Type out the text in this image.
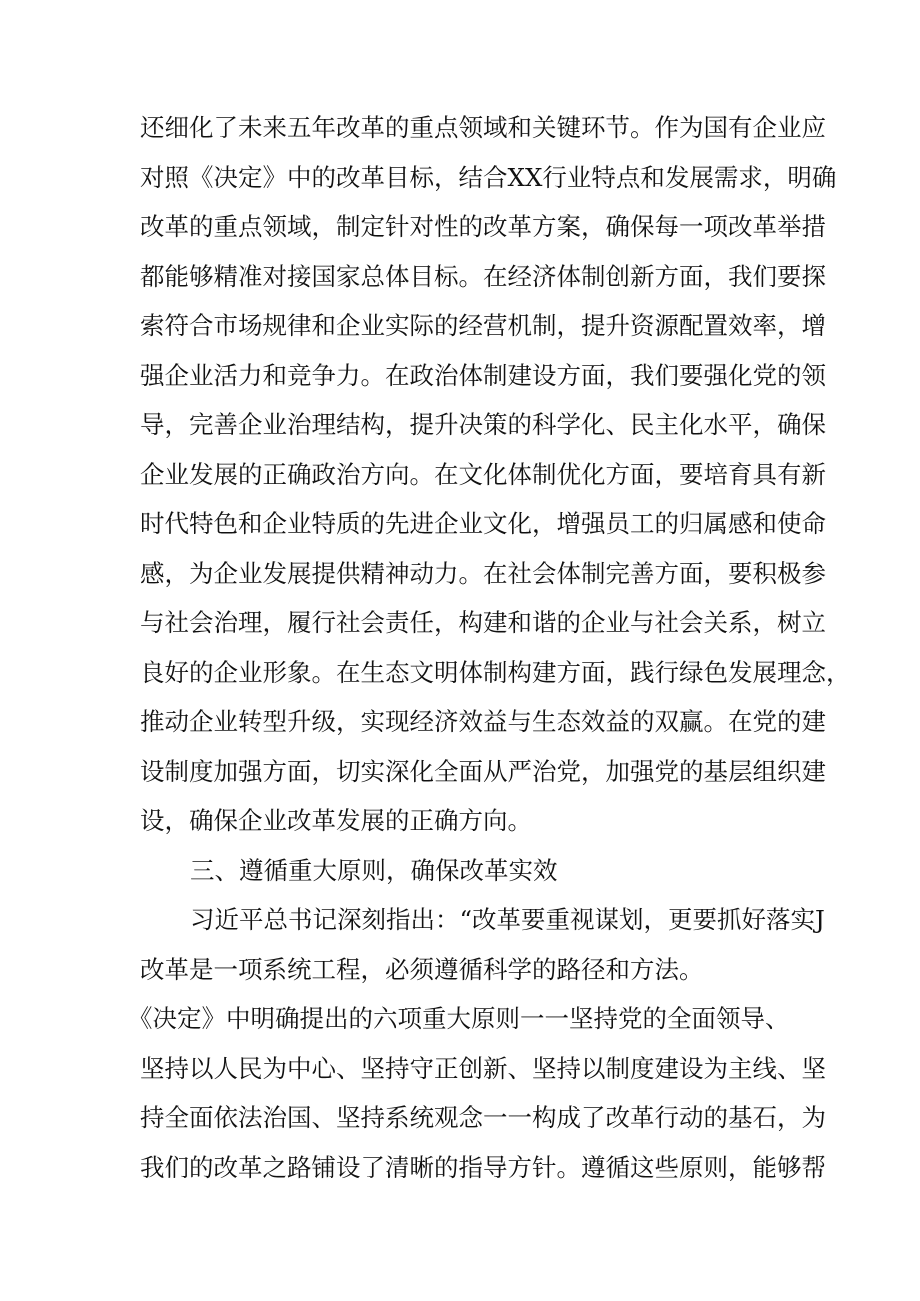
还细化了未来五年改革的重点领域和关键环节。作为国有企业应
对照《决定》中的改革目标，结合XX行业特点和发展需求，明确
改革的重点领域，制定针对性的改革方案，确保每一项改革举措
都能够精准对接国家总体目标。在经济体制创新方面，我们要探
索符合市场规律和企业实际的经营机制，提升资源配置效率，增
强企业活力和竞争力。在政治体制建设方面，我们要强化党的领
导，完善企业治理结构，提升决策的科学化、民主化水平，确保
企业发展的正确政治方向。在文化体制优化方面，要培育具有新
时代特色和企业特质的先进企业文化，增强员工的归属感和使命
感，为企业发展提供精神动力。在社会体制完善方面，要积极参
与社会治理，履行社会责任，构建和谐的企业与社会关系，树立
良好的企业形象。在生态文明体制构建方面，践行绿色发展理念，
推动企业转型升级，实现经济效益与生态效益的双赢。在党的建
设制度加强方面，切实深化全面从严治党，加强党的基层组织建
设，确保企业改革发展的正确方向。
三、遵循重大原则，确保改革实效
习近平总书记深刻指出：“改革要重视谋划，更要抓好落实J
改革是一项系统工程，必须遵循科学的路径和方法。
《决定》中明确提出的六项重大原则一一坚持党的全面领导、
坚持以人民为中心、坚持守正创新、坚持以制度建设为主线、坚
持全面依法治国、坚持系统观念一一构成了改革行动的基石，为
我们的改革之路铺设了清晰的指导方针。遵循这些原则，能够帮
